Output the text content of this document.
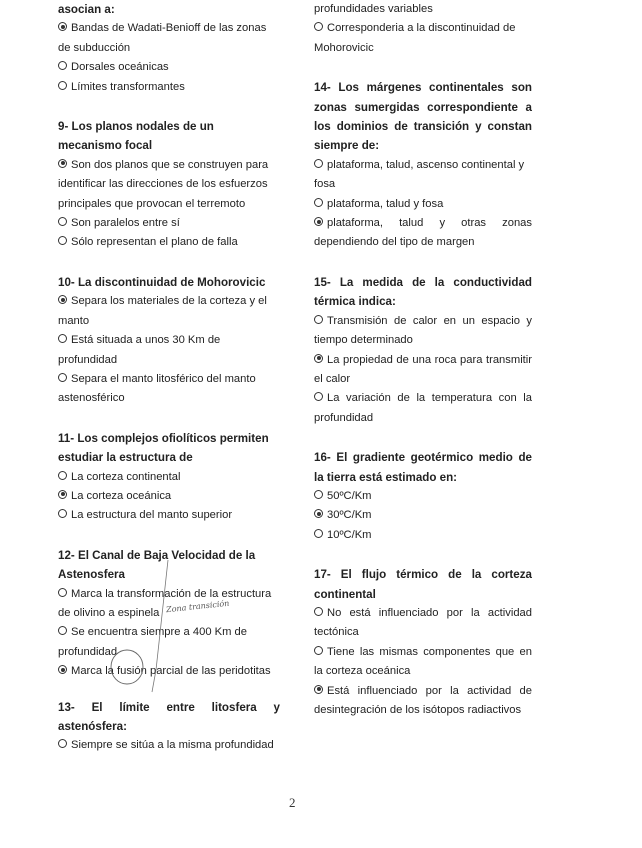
asocian a:

Bandas de Wadati-Benioff de las zonas de subducción

Dorsales oceánicas

Límites transformantes

9- Los planos nodales de un mecanismo focal

Son dos planos que se construyen para identificar las direcciones de los esfuerzos principales que provocan el terremoto

Son paralelos entre sí

Sólo representan el plano de falla

10- La discontinuidad de Mohorovicic

Separa los materiales de la corteza y el manto

Está situada a unos 30 Km de profundidad

Separa el manto litosférico del manto astenosférico

11- Los complejos ofiolíticos permiten estudiar la estructura de

La corteza continental

La corteza oceánica

La estructura del manto superior

12- El Canal de Baja Velocidad de la Astenosfera

Marca la transformación de la estructura de olivino a espinela

Se encuentra siempre a 400 Km de profundidad

Marca la fusión parcial de las peridotitas

13- El límite entre litosfera y astenósfera:

Siempre se sitúa a la misma profundidad

profundidades variables

Corresponderia a la discontinuidad de Mohorovicic

14- Los márgenes continentales son zonas sumergidas correspondiente a los dominios de transición y constan siempre de:

plataforma, talud, ascenso continental y fosa

plataforma, talud y fosa

plataforma, talud y otras zonas dependiendo del tipo de margen

15- La medida de la conductividad térmica indica:

Transmisión de calor en un espacio y tiempo determinado

La propiedad de una roca para transmitir el calor

La variación de la temperatura con la profundidad

16- El gradiente geotérmico medio de la tierra está estimado en:

50ºC/Km

30ºC/Km

10ºC/Km

17- El flujo térmico de la corteza continental

No está influenciado por la actividad tectónica

Tiene las mismas componentes que en la corteza oceánica

Está influenciado por la actividad de desintegración de los isótopos radiactivos

Zona transición
2
